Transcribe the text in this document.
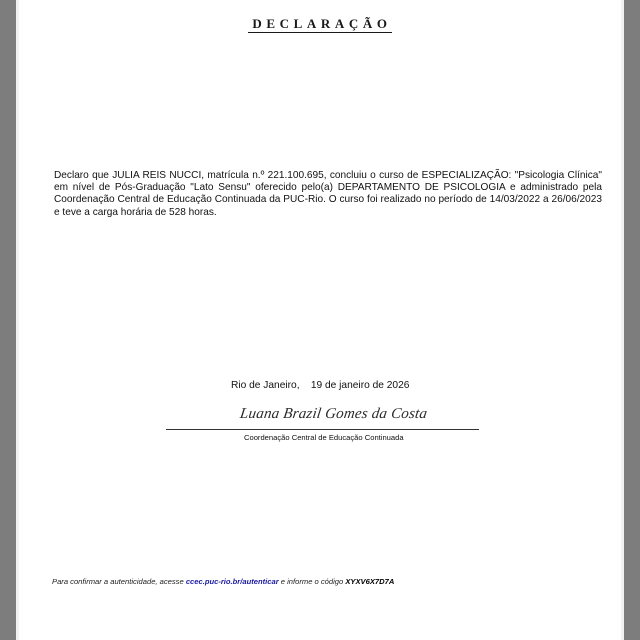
DECLARAÇÃO
Declaro que JULIA REIS NUCCI, matrícula n.º 221.100.695, concluiu o curso de ESPECIALIZAÇÃO: "Psicologia Clínica"
em nível de Pós-Graduação "Lato Sensu" oferecido pelo(a) DEPARTAMENTO DE PSICOLOGIA e administrado pela
Coordenação Central de Educação Continuada da PUC-Rio. O curso foi realizado no período de 14/03/2022 a 26/06/2023
e teve a carga horária de 528 horas.
Rio de Janeiro,    19 de janeiro de 2026
Luana Brazil Gomes da Costa
Coordenação Central de Educação Continuada
Para confirmar a autenticidade, acesse ccec.puc-rio.br/autenticar e informe o código XYXV6X7D7A
